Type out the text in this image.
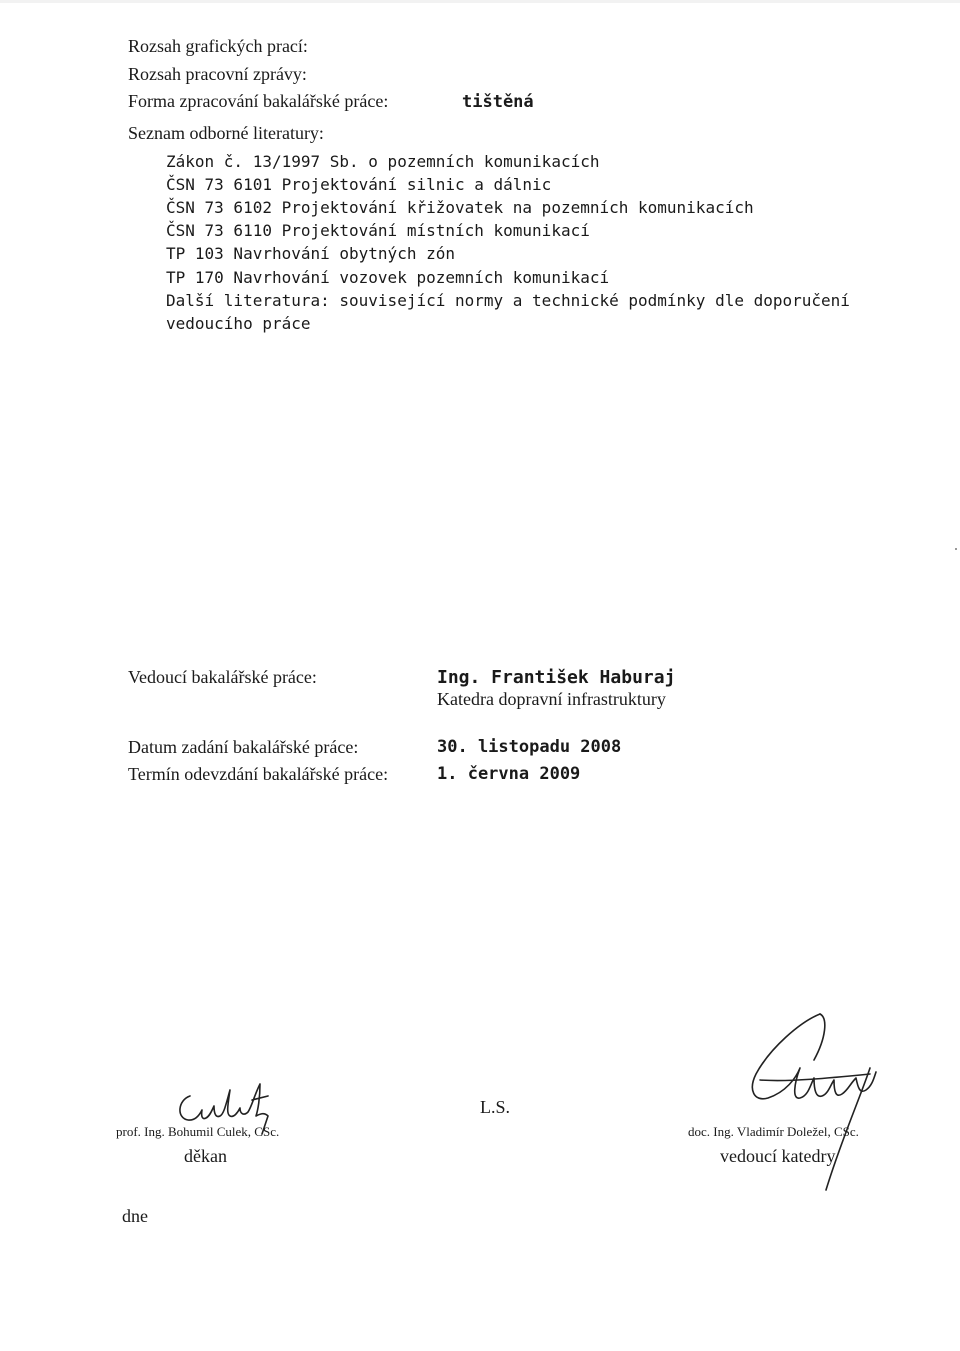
Rozsah grafických prací:
Rozsah pracovní zprávy:
Forma zpracování bakalářské práce:	tištěná
Seznam odborné literatury:
Zákon č. 13/1997 Sb. o pozemních komunikacích
ČSN 73 6101 Projektování silnic a dálnic
ČSN 73 6102 Projektování křižovatek na pozemních komunikacích
ČSN 73 6110 Projektování místních komunikací
TP 103 Navrhování obytných zón
TP 170 Navrhování vozovek pozemních komunikací
Další literatura: související normy a technické podmínky dle doporučení
vedoucího práce
Vedoucí bakalářské práce:	Ing. František Haburaj
Katedra dopravní infrastruktury
Datum zadání bakalářské práce:	30. listopadu 2008
Termín odevzdání bakalářské práce:	1. června 2009
prof. Ing. Bohumil Culek, CSc.
děkan
L.S.
doc. Ing. Vladimír Doležel, CSc.
vedoucí katedry
dne
